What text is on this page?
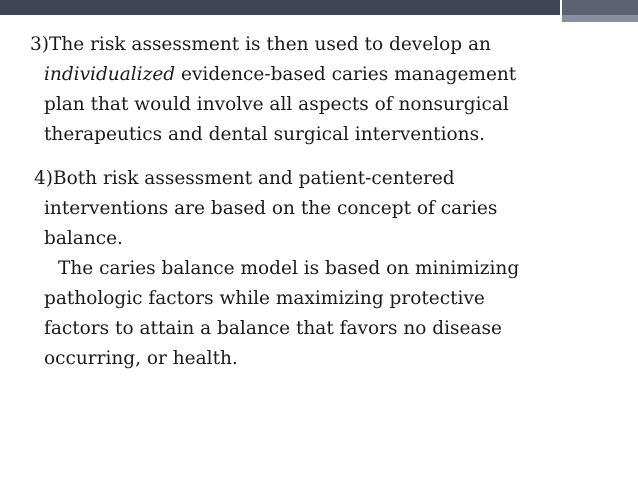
3)The risk assessment is then used to develop an
individualized evidence-based caries management
plan that would involve all aspects of nonsurgical
therapeutics and dental surgical interventions.

4)Both risk assessment and patient-centered
interventions are based on the concept of caries
balance.

The caries balance model is based on minimizing
pathologic factors while maximizing protective
factors to attain a balance that favors no disease
occurring, or health.
